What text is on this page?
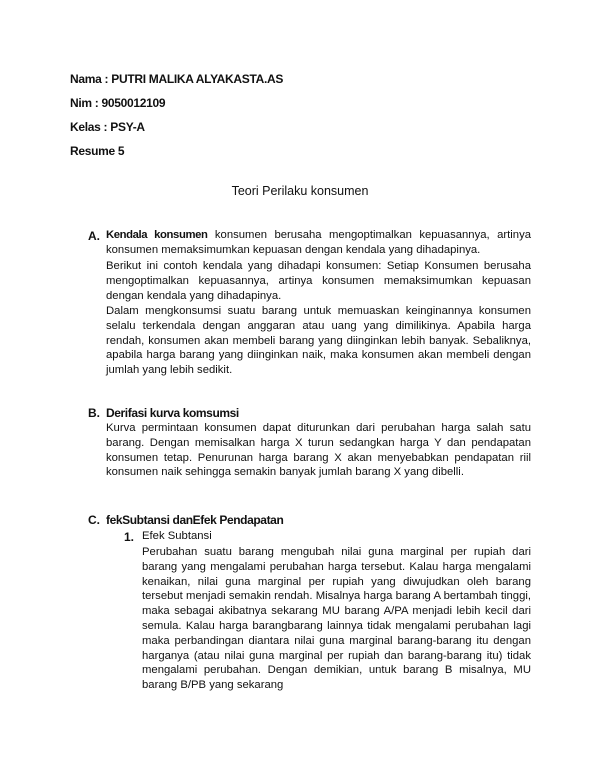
Nama : PUTRI MALIKA ALYAKASTA.AS
Nim : 9050012109
Kelas : PSY-A
Resume 5
Teori Perilaku konsumen
A. Kendala konsumen konsumen berusaha mengoptimalkan kepuasannya, artinya konsumen memaksimumkan kepuasan dengan kendala yang dihadapinya.
Berikut ini contoh kendala yang dihadapi konsumen: Setiap Konsumen berusaha mengoptimalkan kepuasannya, artinya konsumen memaksimumkan kepuasan dengan kendala yang dihadapinya.
Dalam mengkonsumsi suatu barang untuk memuaskan keinginannya konsumen selalu terkendala dengan anggaran atau uang yang dimilikinya. Apabila harga rendah, konsumen akan membeli barang yang diinginkan lebih banyak. Sebaliknya, apabila harga barang yang diinginkan naik, maka konsumen akan membeli dengan jumlah yang lebih sedikit.
B. Derifasi kurva komsumsi
Kurva permintaan konsumen dapat diturunkan dari perubahan harga salah satu barang. Dengan memisalkan harga X turun sedangkan harga Y dan pendapatan konsumen tetap. Penurunan harga barang X akan menyebabkan pendapatan riil konsumen naik sehingga semakin banyak jumlah barang X yang dibelli.
C. fekSubtansi danEfek Pendapatan
1. Efek Subtansi
Perubahan suatu barang mengubah nilai guna marginal per rupiah dari barang yang mengalami perubahan harga tersebut. Kalau harga mengalami kenaikan, nilai guna marginal per rupiah yang diwujudkan oleh barang tersebut menjadi semakin rendah. Misalnya harga barang A bertambah tinggi, maka sebagai akibatnya sekarang MU barang A/PA menjadi lebih kecil dari semula. Kalau harga barangbarang lainnya tidak mengalami perubahan lagi maka perbandingan diantara nilai guna marginal barang-barang itu dengan harganya (atau nilai guna marginal per rupiah dan barang-barang itu) tidak mengalami perubahan. Dengan demikian, untuk barang B misalnya, MU barang B/PB yang sekarang
